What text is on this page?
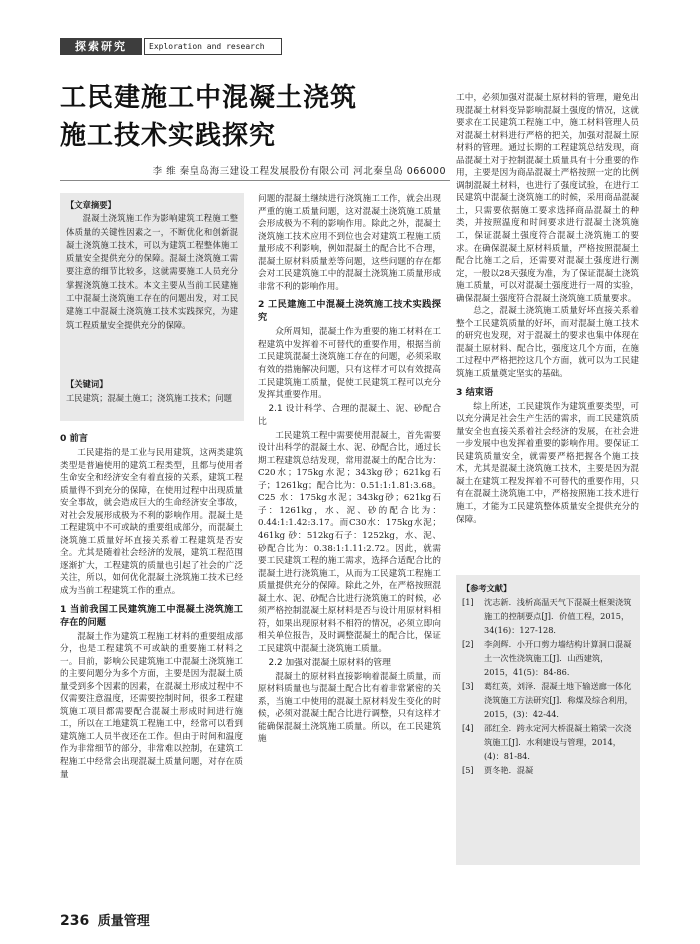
探索研究	Exploration and research
工民建施工中混凝土浇筑
施工技术实践探究
李 维 秦皇岛海三建设工程发展股份有限公司 河北秦皇岛 066000
【文章摘要】
混凝土浇筑施工作为影响建筑工程施工整体质量的关键性因素之一，不断优化和创新混凝土浇筑施工技术，可以为建筑工程整体施工质量安全提供充分的保障。混凝土浇筑施工需要注意的细节比较多，这就需要施工人员充分掌握浇筑施工技术。本文主要从当前工民建施工中混凝土浇筑施工存在的问题出发，对工民建施工中混凝土浇筑施工技术实践探究，为建筑工程质量安全提供充分的保障。
【关键词】
工民建筑；混凝土施工；浇筑施工技术；问题
0 前言

工民建指的是工业与民用建筑，这两类建筑类型是普遍使用的建筑工程类型，且都与使用者生命安全和经济安全有着直接的关系，建筑工程质量得不到充分的保障，在使用过程中出现质量安全事故，就会造成巨大的生命经济安全事故，对社会发展形成极为不利的影响作用。混凝土是工程建筑中不可或缺的重要组成部分，而混凝土浇筑施工质量好坏直接关系着工程建筑是否安全。尤其是随着社会经济的发展，建筑工程范围逐渐扩大，工程建筑的质量也引起了社会的广泛关注，所以，如何优化混凝土浇筑施工技术已经成为当前工程建筑工作的重点。

1 当前我国工民建筑施工中混凝土浇筑施工存在的问题

混凝土作为建筑工程施工材料的重要组成部分，也是工程建筑不可或缺的重要施工材料之一。目前，影响公民建筑施工中混凝土浇筑施工的主要问题分为多个方面，主要是因为混凝土质量受到多个因素的因素，在混凝土形成过程中不仅需要注意温度，还需要控制时间，很多工程建筑施工项目都需要配合混凝土形成时间进行施工，所以在工地建筑工程施工中，经常可以看到建筑施工人员半夜还在工作。但由于时间和温度作为非常细节的部分，非常难以控制，在建筑工程施工中经常会出现混凝土质量问题，对存在质量

问题的混凝土继续进行浇筑施工工作，就会出现严重的施工质量问题，这对混凝土浇筑施工质量会形成极为不利的影响作用。除此之外，混凝土浇筑施工技术应用不到位也会对建筑工程施工质量形成不利影响，例如混凝土的配合比不合理，混凝土原材料质量差等问题，这些问题的存在都会对工民建筑施工中的混凝土浇筑施工质量形成非常不利的影响作用。

2 工民建施工中混凝土浇筑施工技术实践探究

众所周知，混凝土作为重要的施工材料在工程建筑中发挥着不可替代的重要作用，根据当前工民建筑混凝土浇筑施工存在的问题，必须采取有效的措施解决问题，只有这样才可以有效提高工民建筑施工质量，促使工民建筑工程可以充分发挥其重要作用。

2.1 设计科学、合理的混凝土、泥、砂配合比

工民建筑工程中需要使用混凝土，首先需要设计出科学的混凝土水、泥、砂配合比，通过长期工程建筑总结发现，常用混凝土的配合比为：C20水；175kg水泥；343kg砂；621kg石子；1261kg；配合比为：0.51:1:1.81:3.68。C25 水：175kg水泥；343kg砂；621kg石子：1261kg，水、泥、砂的配合比为：0.44:1:1.42:3.17。而C30水：175kg水泥；461kg 砂：512kg石子：1252kg，水、泥、砂配合比为：0.38:1:1.11:2.72。因此，就需要工民建筑工程的施工需求，选择合适配合比的混凝土进行浇筑施工，从而为工民建筑工程施工质量提供充分的保障。除此之外，在严格按照混凝土水、泥、砂配合比进行浇筑施工的时候，必须严格控制混凝土原材料是否与设计用原材料相符，如果出现原材料不相符的情况，必须立即向相关单位报告，及时调整混凝土的配合比，保证工民建筑中混凝土浇筑施工质量。

2.2 加强对混凝土原材料的管理

混凝土的原材料直接影响着混凝土质量，而原材料质量也与混凝土配合比有着非常紧密的关系，当施工中使用的混凝土原材料发生变化的时候，必须对混凝土配合比进行调整，只有这样才能确保混凝土浇筑施工质量。所以，在工民建筑施

工中，必须加强对混凝土原材料的管理，避免出现混凝土材料变异影响混凝土强度的情况，这就要求在工民建筑工程施工中，施工材料管理人员对混凝土材料进行严格的把关，加强对混凝土原材料的管理。通过长期的工程建筑总结发现，商品混凝土对于控制混凝土质量具有十分重要的作用，主要是因为商品混凝土严格按照一定的比例调制混凝土材料，也进行了强度试验，在进行工民建筑中混凝土浇筑施工的时候，采用商品混凝土，只需要依据施工要求选择商品混凝土的种类，并按照温度和时间要求进行混凝土浇筑施工，保证混凝土强度符合混凝土浇筑施工的要求。在确保混凝土原材料质量，严格按照混凝土配合比施工之后，还需要对混凝土强度进行测定，一般以28天强度为准，为了保证混凝土浇筑施工质量，可以对混凝土强度进行一周的实验，确保混凝土强度符合混凝土浇筑施工质量要求。

总之，混凝土浇筑施工质量好坏直接关系着整个工民建筑质量的好坏，而对混凝土施工技术的研究也发现，对于混凝土的要求也集中体现在混凝土原材料、配合比，强度这几个方面，在施工过程中严格把控这几个方面，就可以为工民建筑施工质量奠定坚实的基础。

3 结束语

综上所述，工民建筑作为建筑重要类型，可以充分满足社会生产生活的需求，而工民建筑质量安全也直接关系着社会经济的发展，在社会进一步发展中也发挥着重要的影响作用。要保证工民建筑质量安全，就需要严格把握各个施工技术，尤其是混凝土浇筑施工技术，主要是因为混凝土在建筑工程发挥着不可替代的重要作用，只有在混凝土浇筑施工中，严格按照施工技术进行施工，才能为工民建筑整体质量安全提供充分的保障。

【参考文献】
[1]	沈志新．浅析高温天气下混凝土框架浇筑施工的控制要点[J]．价值工程，2015，34(16)：127-128．
[2]	李剑辉．小开口剪力墙结构计算洞口混凝土一次性浇筑施工[J]．山西建筑，2015，41(5)：84-86．
[3]	葛红英，刘泽．混凝土地下输送廊一体化浇筑施工方法研究[J]．称煤及综合利用，2015，(3)：42-44．
[4]	邵红全．跨永定河大桥混凝土箱梁一次浇筑施工[J]．水利建设与管理，2014，(4)：81-84．
[5]	贾冬艳．混凝
236 质量管理
